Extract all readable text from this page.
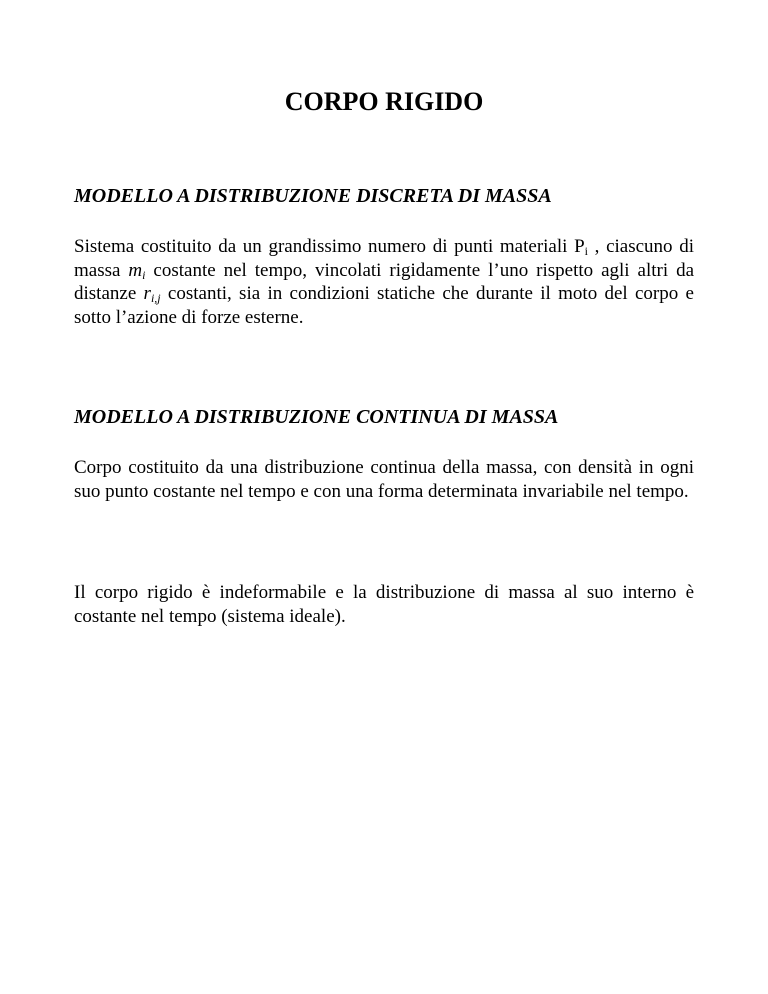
CORPO RIGIDO
MODELLO A DISTRIBUZIONE DISCRETA DI MASSA

Sistema costituito da un grandissimo numero di punti materiali $P_i$ , ciascuno di massa $m_i$ costante nel tempo, vincolati rigidamente l’uno rispetto agli altri da distanze $r_{i,j}$ costanti, sia in condizioni statiche che durante il moto del corpo e sotto l’azione di forze esterne.

MODELLO A DISTRIBUZIONE CONTINUA DI MASSA

Corpo costituito da una distribuzione continua della massa, con densità in ogni suo punto costante nel tempo e con una forma determinata invariabile nel tempo.

Il corpo rigido è indeformabile e la distribuzione di massa al suo interno è costante nel tempo (sistema ideale).
